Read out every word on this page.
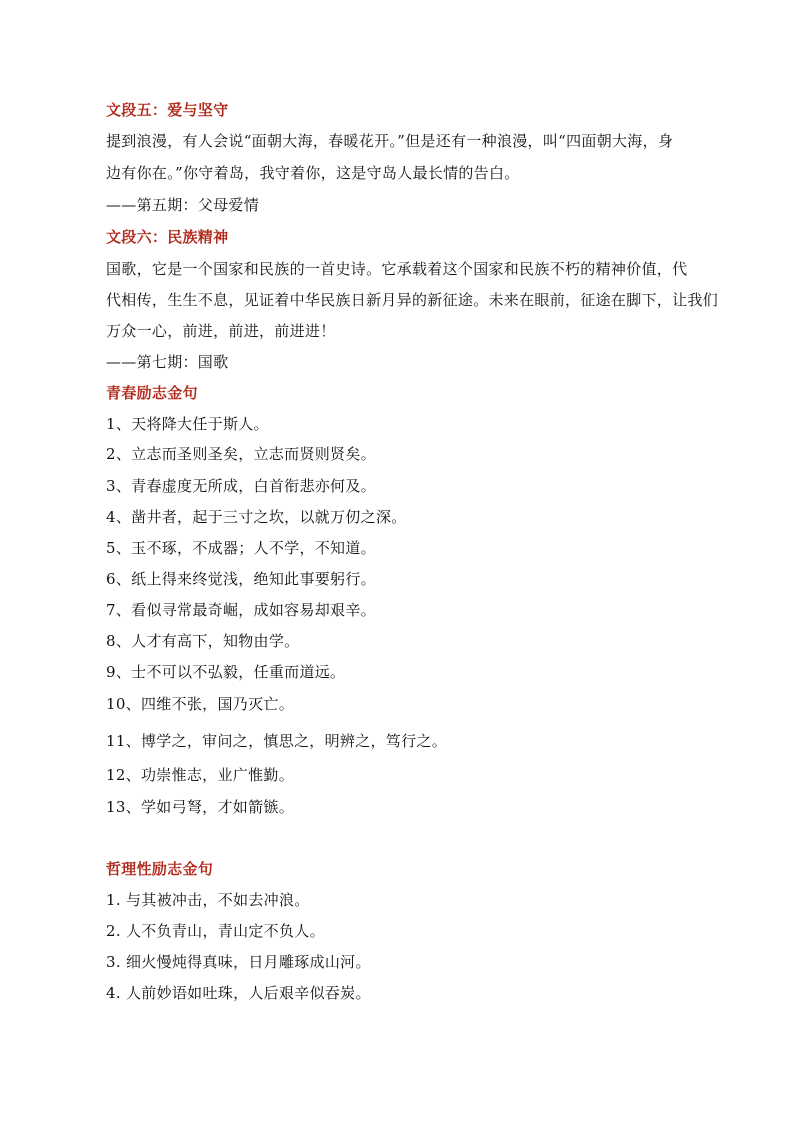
文段五：爱与坚守
提到浪漫，有人会说“面朝大海，春暖花开。”但是还有一种浪漫，叫“四面朝大海，身
边有你在。”你守着岛，我守着你，这是守岛人最长情的告白。
——第五期：父母爱情
文段六：民族精神
国歌，它是一个国家和民族的一首史诗。它承载着这个国家和民族不朽的精神价值，代
代相传，生生不息，见证着中华民族日新月异的新征途。未来在眼前，征途在脚下，让我们
万众一心，前进，前进，前进进！
——第七期：国歌
青春励志金句
1、天将降大任于斯人。
2、立志而圣则圣矣，立志而贤则贤矣。
3、青春虚度无所成，白首衔悲亦何及。
4、凿井者，起于三寸之坎，以就万仞之深。
5、玉不琢，不成器；人不学，不知道。
6、纸上得来终觉浅，绝知此事要躬行。
7、看似寻常最奇崛，成如容易却艰辛。
8、人才有高下，知物由学。
9、士不可以不弘毅，任重而道远。
10、四维不张，国乃灭亡。
11、博学之，审问之，慎思之，明辨之，笃行之。
12、功崇惟志，业广惟勤。
13、学如弓弩，才如箭镞。
哲理性励志金句
1. 与其被冲击，不如去冲浪。
2. 人不负青山，青山定不负人。
3. 细火慢炖得真味，日月雕琢成山河。
4. 人前妙语如吐珠，人后艰辛似吞炭。
